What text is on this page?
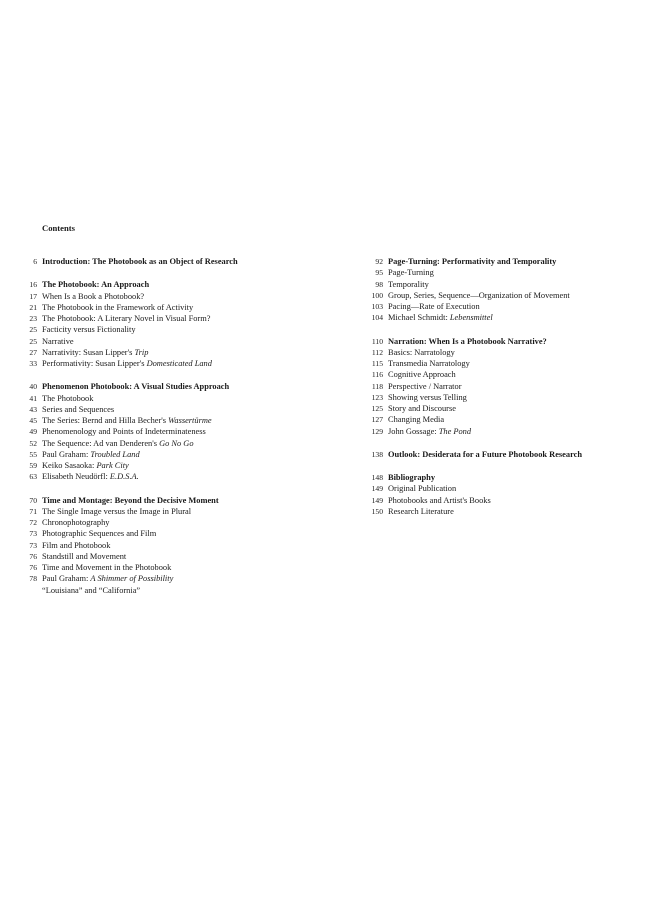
Contents
6 Introduction: The Photobook as an Object of Research
16 The Photobook: An Approach
17 When Is a Book a Photobook?
21 The Photobook in the Framework of Activity
23 The Photobook: A Literary Novel in Visual Form?
25 Facticity versus Fictionality
25 Narrative
27 Narrativity: Susan Lipper's Trip
33 Performativity: Susan Lipper's Domesticated Land
40 Phenomenon Photobook: A Visual Studies Approach
41 The Photobook
43 Series and Sequences
45 The Series: Bernd and Hilla Becher's Wassertürme
49 Phenomenology and Points of Indeterminateness
52 The Sequence: Ad van Denderen's Go No Go
55 Paul Graham: Troubled Land
59 Keiko Sasaoka: Park City
63 Elisabeth Neudörfl: E.D.S.A.
70 Time and Montage: Beyond the Decisive Moment
71 The Single Image versus the Image in Plural
72 Chronophotography
73 Photographic Sequences and Film
73 Film and Photobook
76 Standstill and Movement
76 Time and Movement in the Photobook
78 Paul Graham: A Shimmer of Possibility
“Louisiana” and “California”
92 Page-Turning: Performativity and Temporality
95 Page-Turning
98 Temporality
100 Group, Series, Sequence—Organization of Movement
103 Pacing—Rate of Execution
104 Michael Schmidt: Lebensmittel
110 Narration: When Is a Photobook Narrative?
112 Basics: Narratology
115 Transmedia Narratology
116 Cognitive Approach
118 Perspective / Narrator
123 Showing versus Telling
125 Story and Discourse
127 Changing Media
129 John Gossage: The Pond
138 Outlook: Desiderata for a Future Photobook Research
148 Bibliography
149 Original Publication
149 Photobooks and Artist's Books
150 Research Literature
